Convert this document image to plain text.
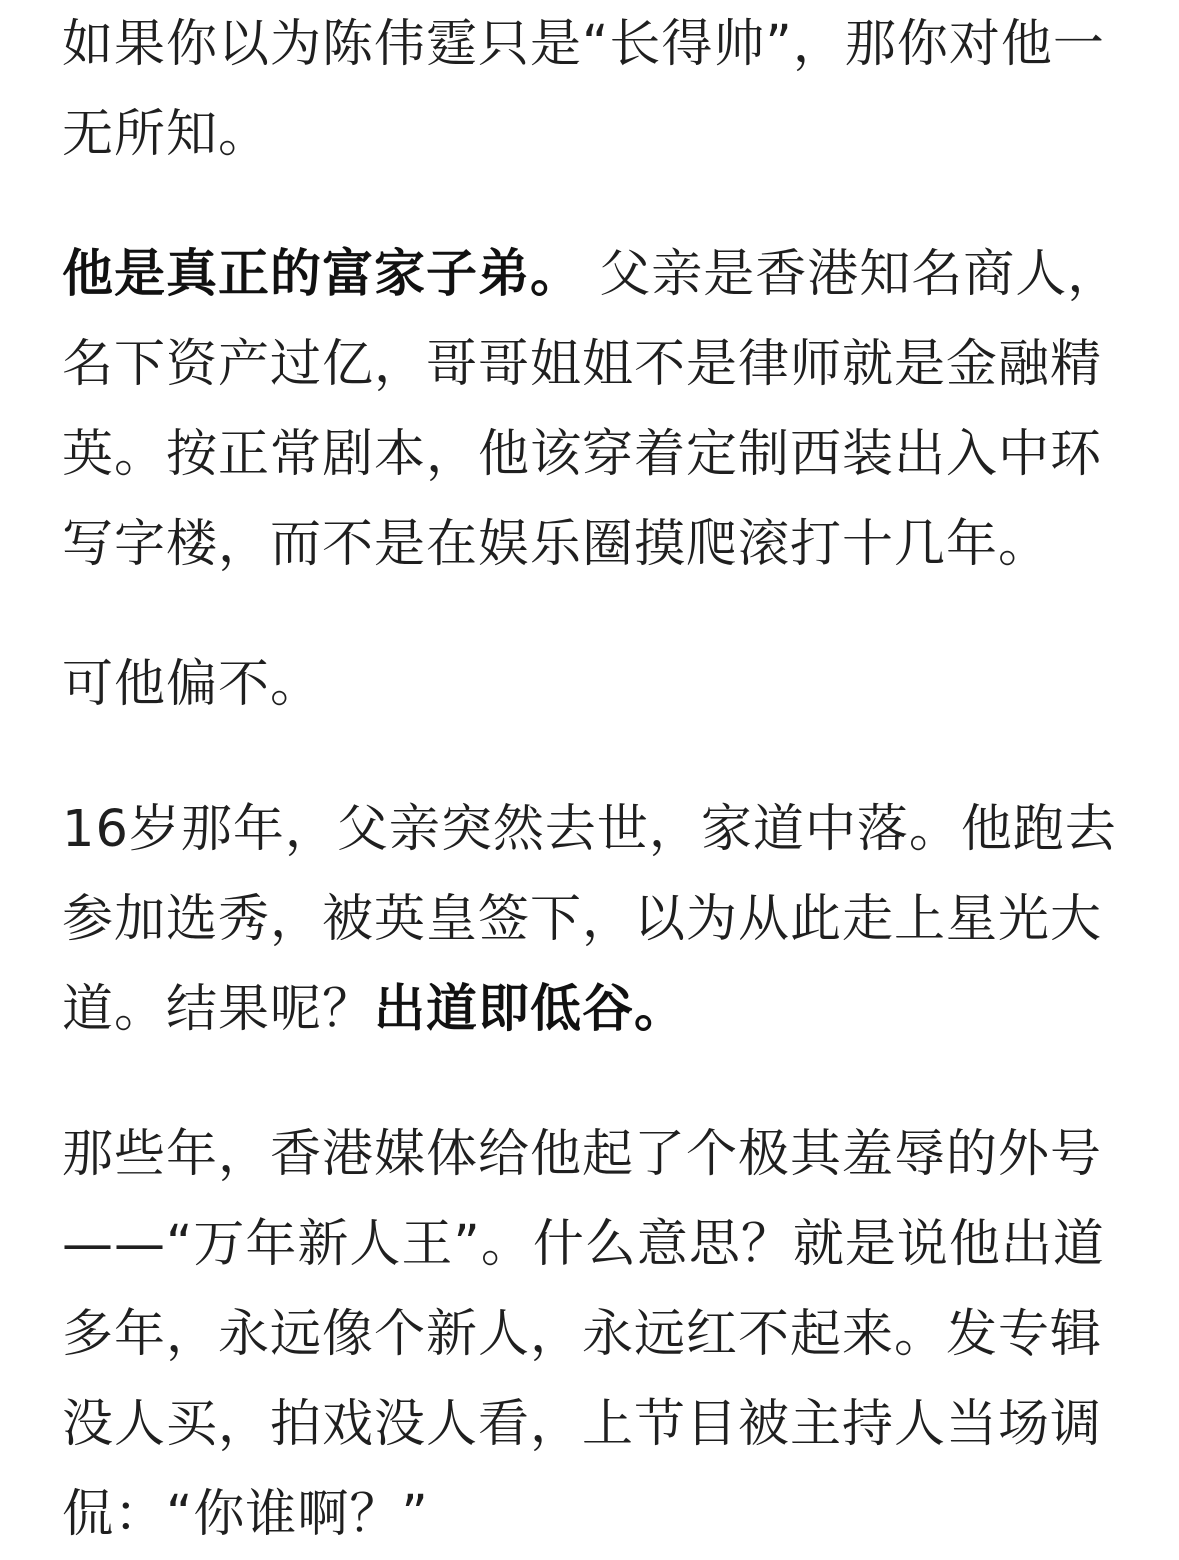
如果你以为陈伟霆只是“长得帅”，那你对他一无所知。

他是真正的富家子弟。 父亲是香港知名商人，名下资产过亿，哥哥姐姐不是律师就是金融精英。按正常剧本，他该穿着定制西装出入中环写字楼，而不是在娱乐圈摸爬滚打十几年。

可他偏不。

16岁那年，父亲突然去世，家道中落。他跑去参加选秀，被英皇签下，以为从此走上星光大道。结果呢？出道即低谷。

那些年，香港媒体给他起了个极其羞辱的外号——“万年新人王”。什么意思？就是说他出道多年，永远像个新人，永远红不起来。发专辑没人买，拍戏没人看，上节目被主持人当场调侃：“你谁啊？”
